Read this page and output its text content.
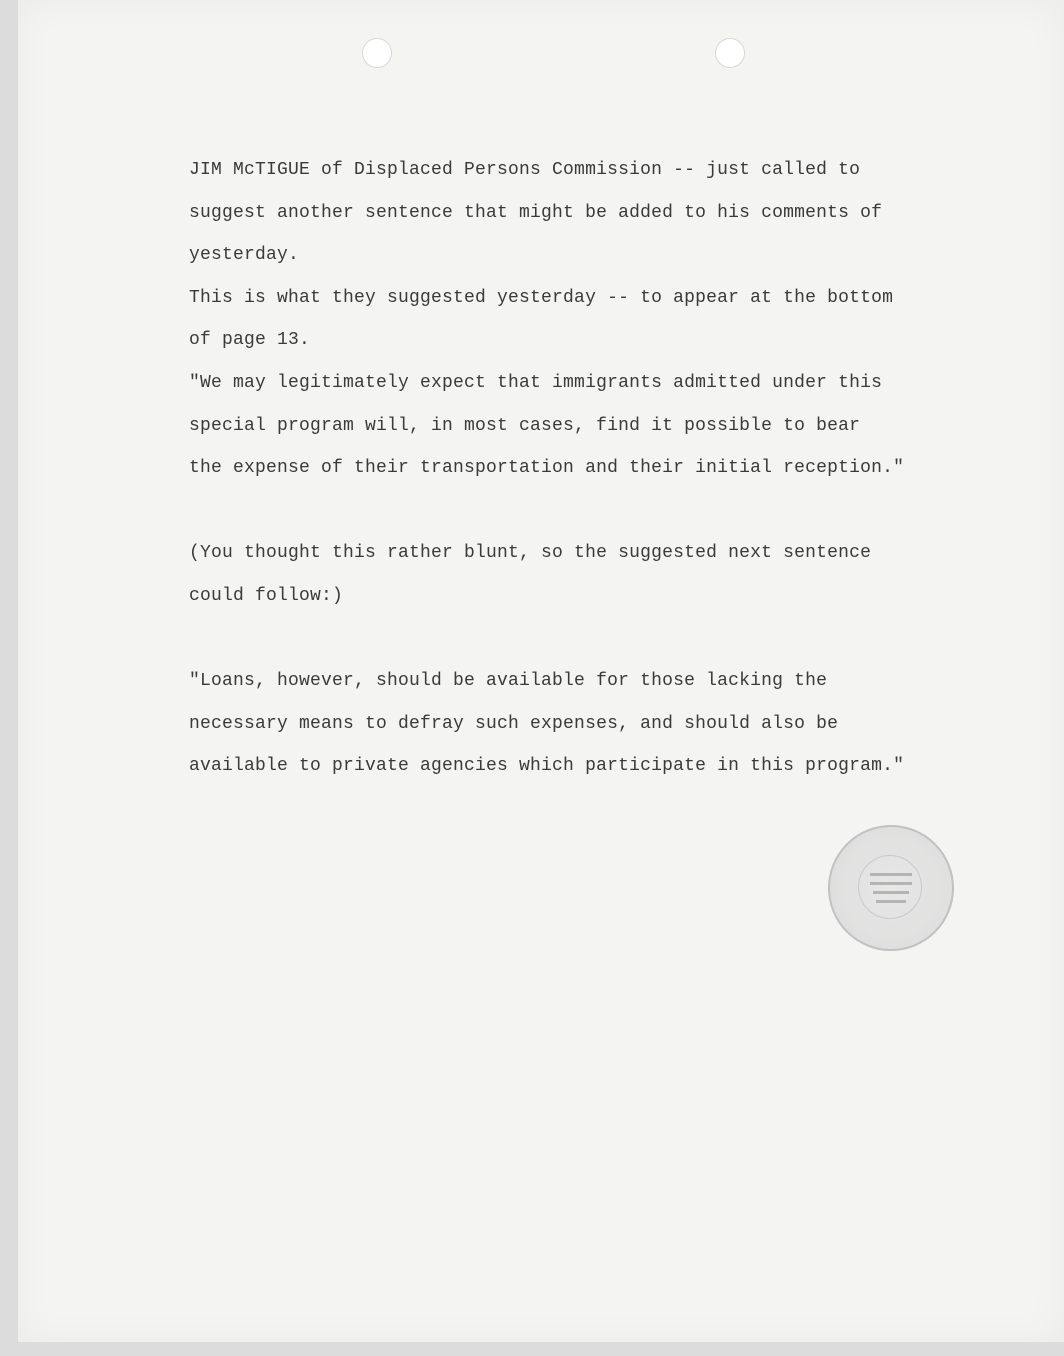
JIM McTIGUE of Displaced Persons Commission -- just called to
suggest another sentence that might be added to his comments of
yesterday.
This is what they suggested yesterday -- to appear at the bottom
of page 13.
"We may legitimately expect that immigrants admitted under this
special program will, in most cases, find it possible to bear
the expense of their transportation and their initial reception."
(You thought this rather blunt, so the suggested next sentence
could follow:)
"Loans, however, should be available for those lacking the
necessary means to defray such expenses, and should also be
available to private agencies which participate in this program."
